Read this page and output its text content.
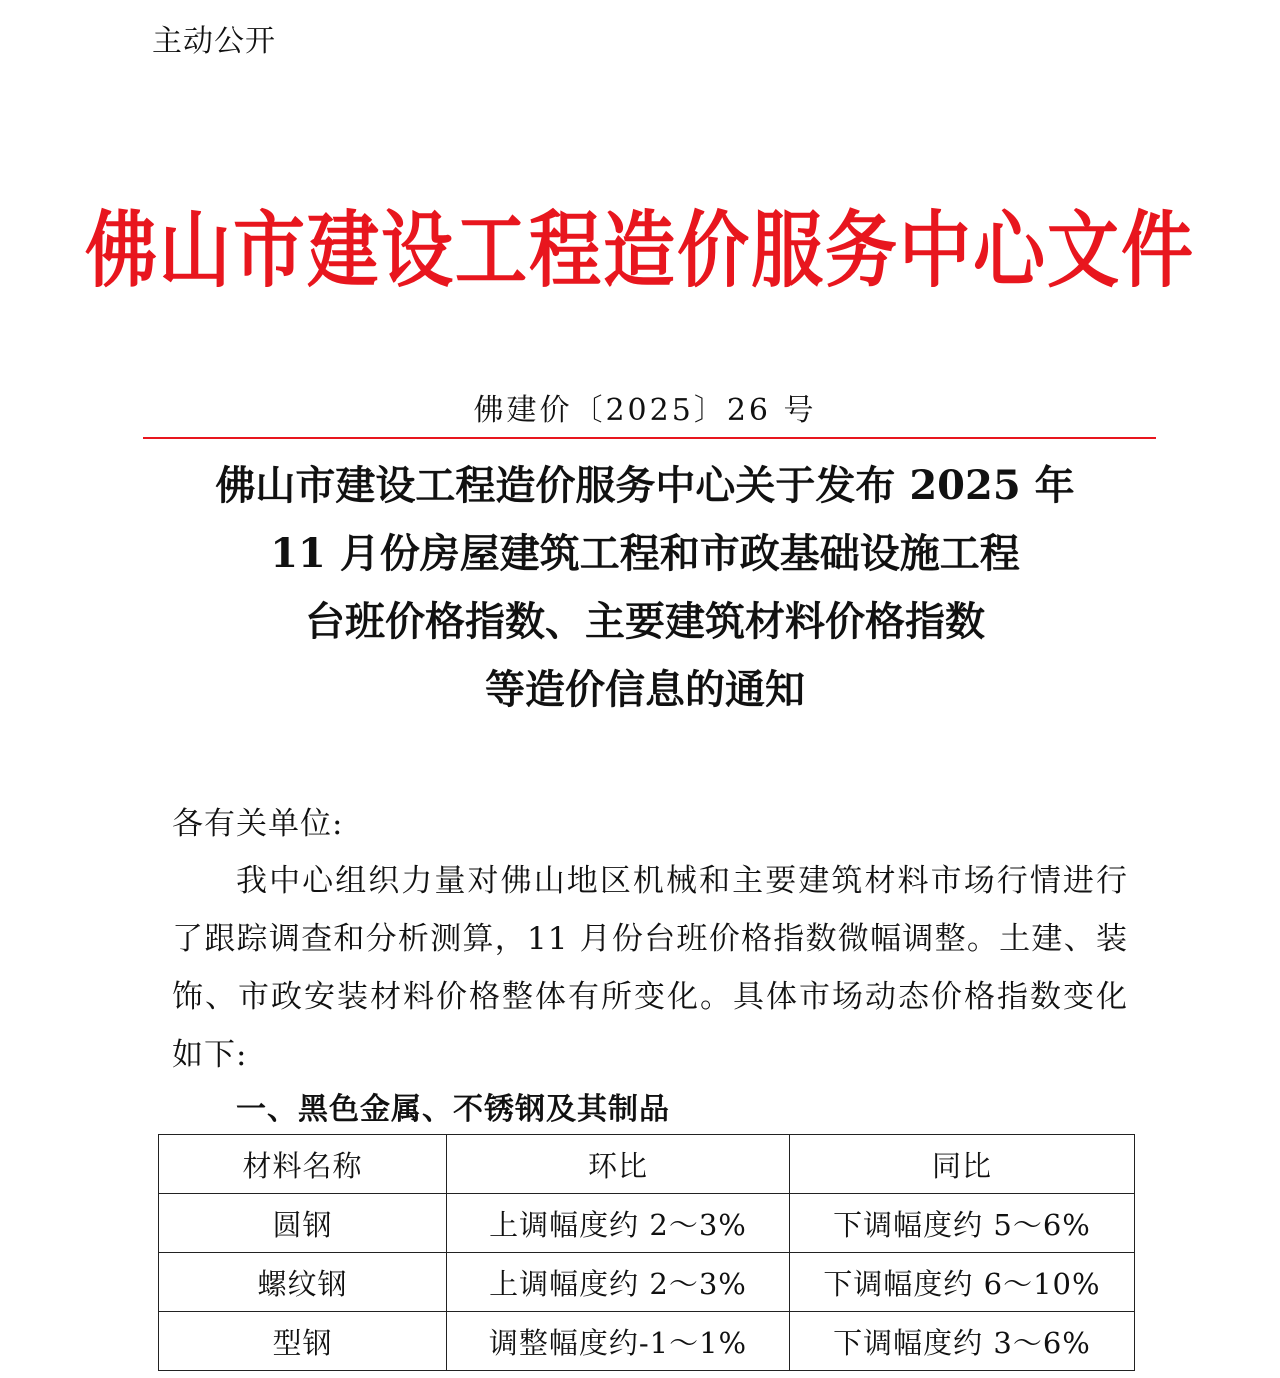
主动公开
佛山市建设工程造价服务中心文件
佛建价〔2025〕26 号
佛山市建设工程造价服务中心关于发布 2025 年
11 月份房屋建筑工程和市政基础设施工程
台班价格指数、主要建筑材料价格指数
等造价信息的通知
各有关单位:
我中心组织力量对佛山地区机械和主要建筑材料市场行情进行了跟踪调查和分析测算，11 月份台班价格指数微幅调整。土建、装饰、市政安装材料价格整体有所变化。具体市场动态价格指数变化如下:
一、黑色金属、不锈钢及其制品
材料名称	环比	同比
圆钢	上调幅度约 2～3%	下调幅度约 5～6%
螺纹钢	上调幅度约 2～3%	下调幅度约 6～10%
型钢	调整幅度约-1～1%	下调幅度约 3～6%
